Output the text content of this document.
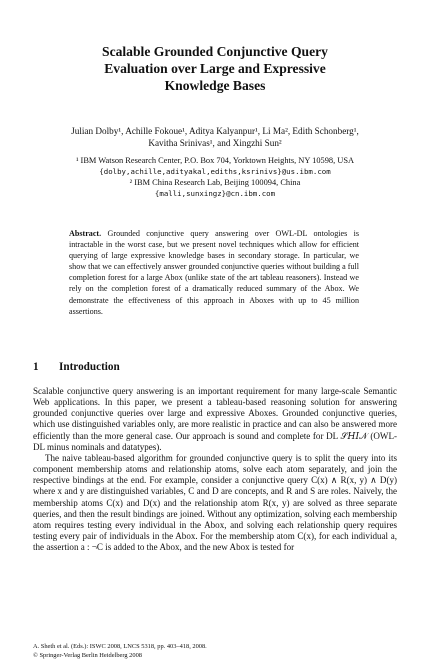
Scalable Grounded Conjunctive Query
Evaluation over Large and Expressive
Knowledge Bases
Julian Dolby¹, Achille Fokoue¹, Aditya Kalyanpur¹, Li Ma², Edith Schonberg¹,
Kavitha Srinivas¹, and Xingzhi Sun²
¹ IBM Watson Research Center, P.O. Box 704, Yorktown Heights, NY 10598, USA
{dolby,achille,adityakal,ediths,ksrinivs}@us.ibm.com
² IBM China Research Lab, Beijing 100094, China
{malli,sunxingz}@cn.ibm.com
Abstract. Grounded conjunctive query answering over OWL-DL ontologies is intractable in the worst case, but we present novel techniques which allow for efficient querying of large expressive knowledge bases in secondary storage. In particular, we show that we can effectively answer grounded conjunctive queries without building a full completion forest for a large Abox (unlike state of the art tableau reasoners). Instead we rely on the completion forest of a dramatically reduced summary of the Abox. We demonstrate the effectiveness of this approach in Aboxes with up to 45 million assertions.
1 Introduction

Scalable conjunctive query answering is an important requirement for many large-scale Semantic Web applications. In this paper, we present a tableau-based reasoning solution for answering grounded conjunctive queries over large and expressive Aboxes. Grounded conjunctive queries, which use distinguished variables only, are more realistic in practice and can also be answered more efficiently than the more general case. Our approach is sound and complete for DL 𝒮𝐻𝐼𝒩 (OWL-DL minus nominals and datatypes).

The naive tableau-based algorithm for grounded conjunctive query is to split the query into its component membership atoms and relationship atoms, solve each atom separately, and join the respective bindings at the end. For example, consider a conjunctive query C(x) ∧ R(x, y) ∧ D(y) where x and y are distinguished variables, C and D are concepts, and R and S are roles. Naively, the membership atoms C(x) and D(x) and the relationship atom R(x, y) are solved as three separate queries, and then the result bindings are joined. Without any optimization, solving each membership atom requires testing every individual in the Abox, and solving each relationship query requires testing every pair of individuals in the Abox. For the membership atom C(x), for each individual a, the assertion a : ¬C is added to the Abox, and the new Abox is tested for

A. Sheth et al. (Eds.): ISWC 2008, LNCS 5318, pp. 403–418, 2008.
© Springer-Verlag Berlin Heidelberg 2008
